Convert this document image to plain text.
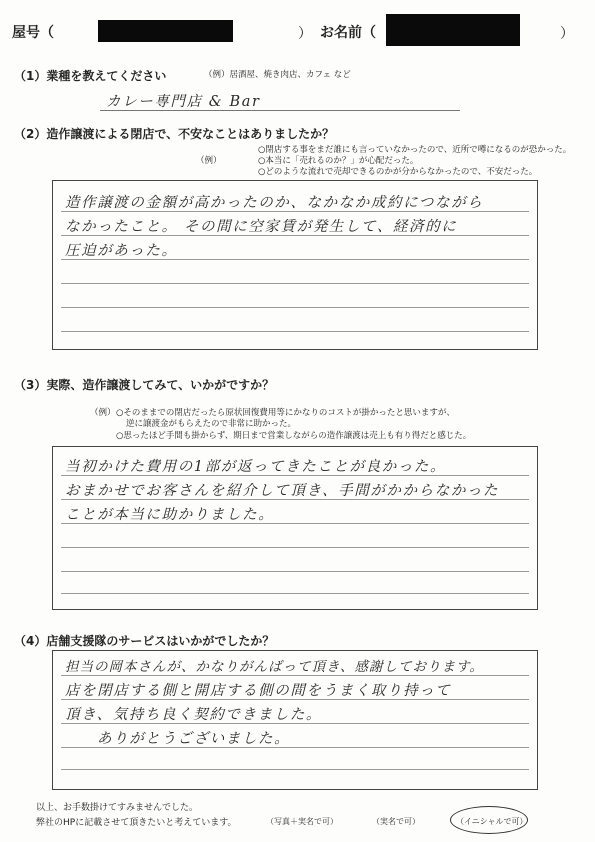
屋号（	） お名前（	）
（1）業種を教えてください	（例）居酒屋、焼き肉店、カフェ など
カレー専門店 & Bar
（2）造作譲渡による閉店で、不安なことはありましたか？
○閉店する事をまだ誰にも言っていなかったので、近所で噂になるのが恐かった。
（例）	○本当に「売れるのか？」が心配だった。
○どのような流れで売却できるのかが分からなかったので、不安だった。
造作譲渡の金額が高かったのか、なかなか成約につながら
なかったこと。 その間に空家賃が発生して、経済的に
圧迫があった。
（3）実際、造作譲渡してみて、いかがですか？
（例） ○そのままでの閉店だったら原状回復費用等にかなりのコストが掛かったと思いますが、
逆に譲渡金がもらえたので非常に助かった。
○思ったほど手間も掛からず、期日まで営業しながらの造作譲渡は売上も有り得だと感じた。
当初かけた費用の1部が返ってきたことが良かった。
おまかせでお客さんを紹介して頂き、手間がかからなかった
ことが本当に助かりました。
（4）店舗支援隊のサービスはいかがでしたか？
担当の岡本さんが、かなりがんばって頂き、感謝しております。
店を閉店する側と開店する側の間をうまく取り持って
頂き、気持ち良く契約できました。
ありがとうございました。
以上、お手数掛けてすみませんでした。
弊社のHPに記載させて頂きたいと考えています。	（写真＋実名で可）	（実名で可）	（イニシャルで可）
